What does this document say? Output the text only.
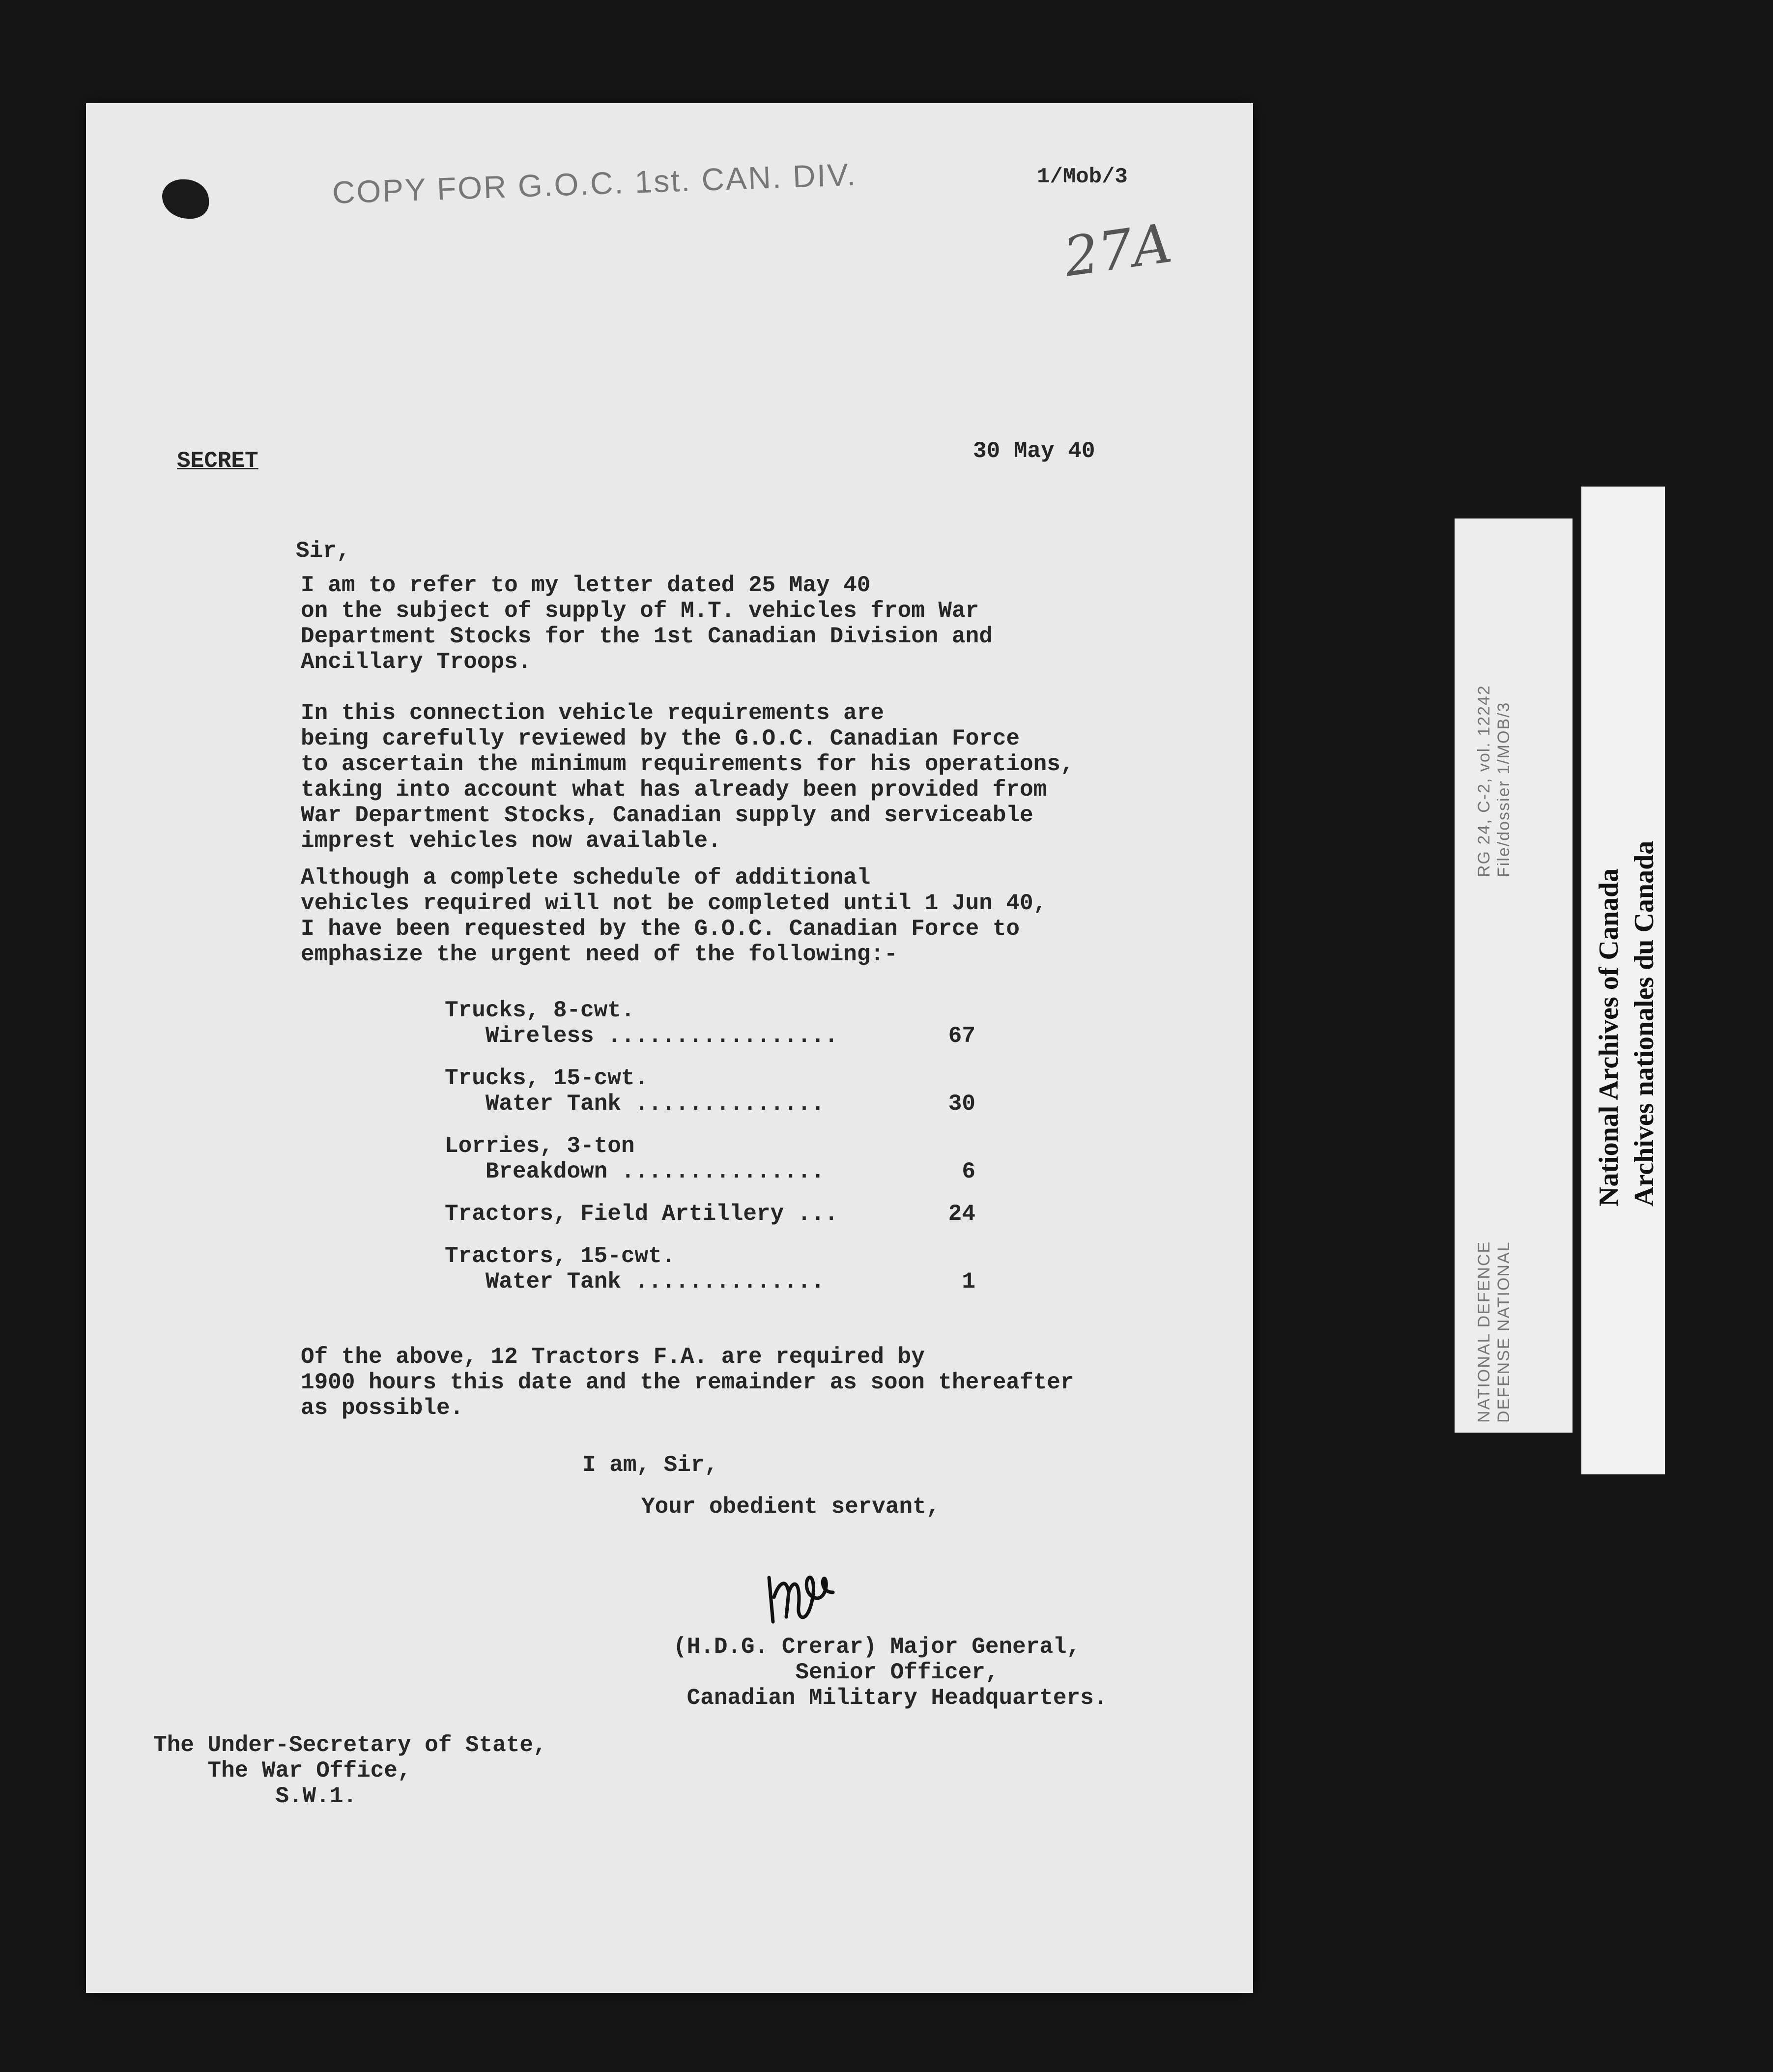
COPY FOR G.O.C. 1st. CAN. DIV.	1/Mob/3
27A
SECRET	30 May 40
Sir,
I am to refer to my letter dated 25 May 40
on the subject of supply of M.T. vehicles from War
Department Stocks for the 1st Canadian Division and
Ancillary Troops.
In this connection vehicle requirements are
being carefully reviewed by the G.O.C. Canadian Force
to ascertain the minimum requirements for his operations,
taking into account what has already been provided from
War Department Stocks, Canadian supply and serviceable
imprest vehicles now available.
Although a complete schedule of additional
vehicles required will not be completed until 1 Jun 40,
I have been requested by the G.O.C. Canadian Force to
emphasize the urgent need of the following:-
Trucks, 8-cwt.
Wireless .................	67
Trucks, 15-cwt.
Water Tank ..............	30
Lorries, 3-ton
Breakdown ...............	6
Tractors, Field Artillery ...	24
Tractors, 15-cwt.
Water Tank ..............	1
Of the above, 12 Tractors F.A. are required by
1900 hours this date and the remainder as soon thereafter
as possible.
I am, Sir,
Your obedient servant,
(H.D.G. Crerar) Major General,
Senior Officer,
Canadian Military Headquarters.
The Under-Secretary of State,
The War Office,
S.W.1.
NATIONAL DEFENCE
DEFENSE NATIONAL
RG 24, C-2, vol. 12242
File/dossier 1/MOB/3
National Archives of Canada
Archives nationales du Canada
